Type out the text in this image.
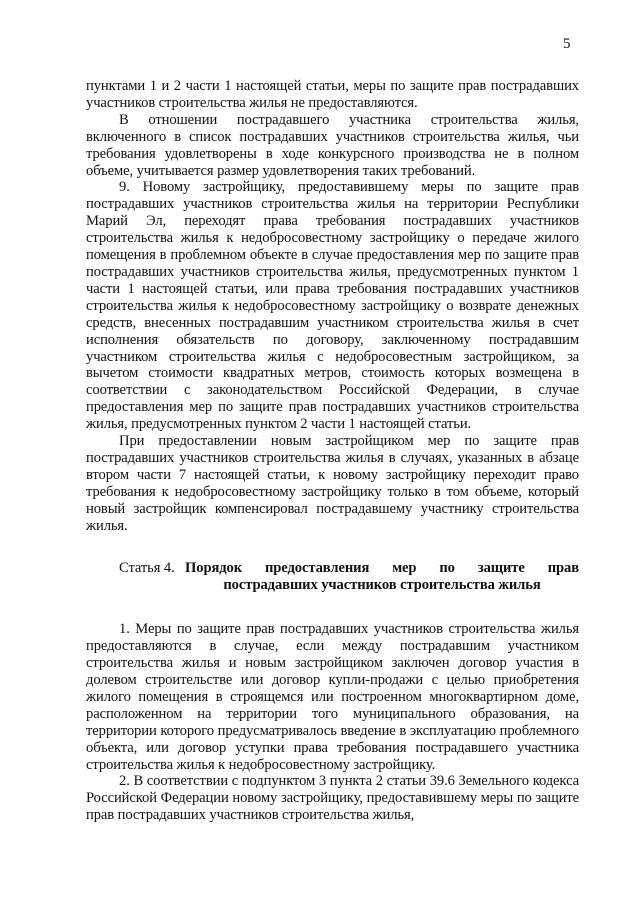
5

пунктами 1 и 2 части 1 настоящей статьи, меры по защите прав пострадавших участников строительства жилья не предоставляются.

В отношении пострадавшего участника строительства жилья, включенного в список пострадавших участников строительства жилья, чьи требования удовлетворены в ходе конкурсного производства не в полном объеме, учитывается размер удовлетворения таких требований.

9. Новому застройщику, предоставившему меры по защите прав пострадавших участников строительства жилья на территории Республики Марий Эл, переходят права требования пострадавших участников строительства жилья к недобросовестному застройщику о передаче жилого помещения в проблемном объекте в случае предоставления мер по защите прав пострадавших участников строительства жилья, предусмотренных пунктом 1 части 1 настоящей статьи, или права требования пострадавших участников строительства жилья к недобросовестному застройщику о возврате денежных средств, внесенных пострадавшим участником строительства жилья в счет исполнения обязательств по договору, заключенному пострадавшим участником строительства жилья с недобросовестным застройщиком, за вычетом стоимости квадратных метров, стоимость которых возмещена в соответствии с законодательством Российской Федерации, в случае предоставления мер по защите прав пострадавших участников строительства жилья, предусмотренных пунктом 2 части 1 настоящей статьи.

При предоставлении новым застройщиком мер по защите прав пострадавших участников строительства жилья в случаях, указанных в абзаце втором части 7 настоящей статьи, к новому застройщику переходит право требования к недобросовестному застройщику только в том объеме, который новый застройщик компенсировал пострадавшему участнику строительства жилья.

Статья 4. Порядок предоставления мер по защите прав пострадавших участников строительства жилья

1. Меры по защите прав пострадавших участников строительства жилья предоставляются в случае, если между пострадавшим участником строительства жилья и новым застройщиком заключен договор участия в долевом строительстве или договор купли-продажи с целью приобретения жилого помещения в строящемся или построенном многоквартирном доме, расположенном на территории того муниципального образования, на территории которого предусматривалось введение в эксплуатацию проблемного объекта, или договор уступки права требования пострадавшего участника строительства жилья к недобросовестному застройщику.

2. В соответствии с подпунктом 3 пункта 2 статьи 39.6 Земельного кодекса Российской Федерации новому застройщику, предоставившему меры по защите прав пострадавших участников строительства жилья,
